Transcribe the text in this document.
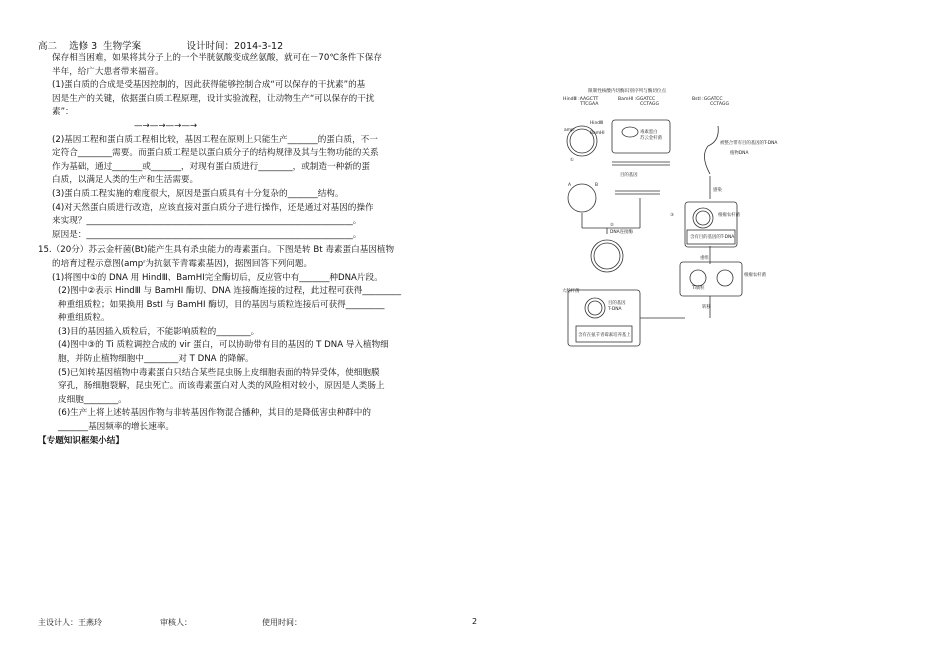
高二    选修 3  生物学案               设计时间：2014-3-12

保存相当困难，如果将其分子上的一个半胱氨酸变成丝氨酸，就可在－70℃条件下保存

半年，给广大患者带来福音。

(1)蛋白质的合成是受基因控制的，因此获得能够控制合成“可以保存的干扰素”的基

因是生产的关键，依据蛋白质工程原理，设计实验流程，让动物生产“可以保存的干扰

素”：

—→—→—→—→

(2)基因工程和蛋白质工程相比较，基因工程在原则上只能生产_______的蛋白质，不一

定符合________需要。而蛋白质工程是以蛋白质分子的结构规律及其与生物功能的关系

作为基础，通过_______或_______，对现有蛋白质进行________，或制造一种新的蛋

白质，以满足人类的生产和生活需要。

(3)蛋白质工程实施的难度很大，原因是蛋白质具有十分复杂的_______结构。

(4)对天然蛋白质进行改造，应该直接对蛋白质分子进行操作，还是通过对基因的操作

来实现？______________________________________________________________。

原因是：______________________________________________________________。

15.（20分）苏云金杆菌(Bt)能产生具有杀虫能力的毒素蛋白。下图是转 Bt 毒素蛋白基因植物

的培育过程示意图(ampʳ为抗氨苄青霉素基因)，据图回答下列问题。

(1)将图中①的 DNA 用 HindⅢ、BamHⅠ完全酶切后，反应管中有_______种DNA片段。

(2)图中②表示 HindⅢ 与 BamHⅠ 酶切、DNA 连接酶连接的过程，此过程可获得_________

种重组质粒；如果换用 BstⅠ 与 BamHⅠ 酶切，目的基因与质粒连接后可获得_________

种重组质粒。

(3)目的基因插入质粒后，不能影响质粒的________。

(4)图中③的 Ti 质粒调控合成的 vir 蛋白，可以协助带有目的基因的 T DNA 导入植物细

胞，并防止植物细胞中________对 T DNA 的降解。

(5)已知转基因植物中毒素蛋白只结合某些昆虫肠上皮细胞表面的特异受体，使细胞膜

穿孔，肠细胞裂解，昆虫死亡。而该毒素蛋白对人类的风险相对较小，原因是人类肠上

皮细胞________。

(6)生产上将上述转基因作物与非转基因作物混合播种，其目的是降低害虫种群中的

_______基因频率的增长速率。

【专题知识框架小结】

限制性核酸内切酶识别序列与酶切位点
HindⅢ :AAGCTT
TTCGAA
BamHⅠ :GGATCC
CCTAGG
BstⅠ :GGATCC
CCTAGG
ampʳ
BamHⅠ
HindⅢ
毒素蛋白
苏云金杆菌
目的基因
①
A	B
②
DNA连接酶
大肠杆菌
目的基因
T-DNA
含有在氨苄青霉素培养基上
③	根瘤农杆菌
含有目的基因的T-DNA
重组
Ti质粒
根瘤农杆菌
转移
感染
被整合带有目的基因的T-DNA
植物DNA
主设计人：王燕玲	审核人：	使用时间：	2
